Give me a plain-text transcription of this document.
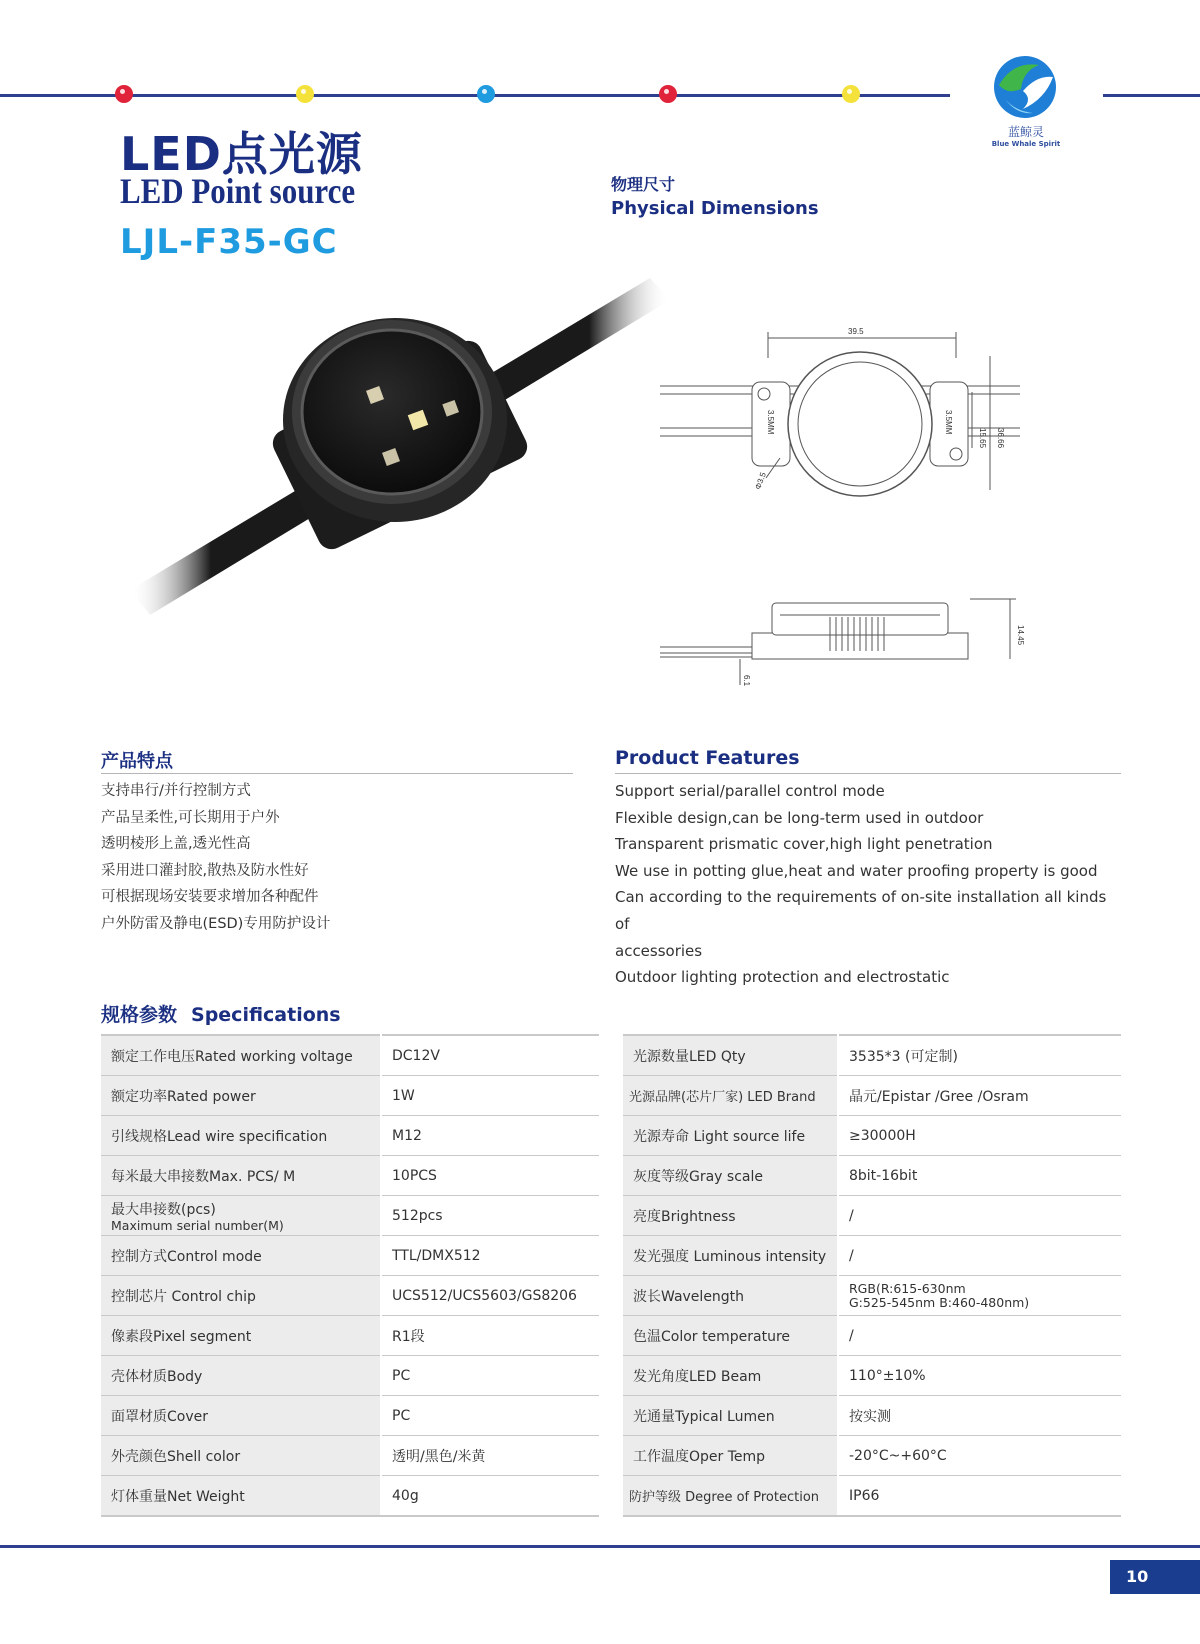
蓝鲸灵
Blue Whale Spirit
LED点光源
LED Point source
LJL-F35-GC
物理尺寸
Physical Dimensions
39.5
15.65 36.66
Φ3.5
3.5MM	3.5MM
14.45
6.1
产品特点
支持串行/并行控制方式
产品呈柔性,可长期用于户外
透明棱形上盖,透光性高
采用进口灌封胶,散热及防水性好
可根据现场安装要求增加各种配件
户外防雷及静电(ESD)专用防护设计
Product Features
Support serial/parallel control mode
Flexible design,can be long-term used in outdoor
Transparent prismatic cover,high light penetration
We use in potting glue,heat and water proofing property is good
Can according to the requirements of on-site installation all kinds of
accessories
Outdoor lighting protection and electrostatic
规格参数 Specifications
额定工作电压Rated working voltage	DC12V
额定功率Rated power	1W
引线规格Lead wire specification	M12
每米最大串接数Max. PCS/ M	10PCS

最大串接数(pcs)
Maximum serial number(M)	512pcs
控制方式Control mode	TTL/DMX512
控制芯片 Control chip	UCS512/UCS5603/GS8206
像素段Pixel segment	R1段
壳体材质Body	PC
面罩材质Cover	PC
外壳颜色Shell color	透明/黑色/米黄
灯体重量Net Weight	40g
光源数量LED Qty	3535*3 (可定制)
光源品牌(芯片厂家) LED Brand	晶元/Epistar /Gree /Osram
光源寿命 Light source life	≥30000H
灰度等级Gray scale	8bit-16bit
亮度Brightness	/
发光强度 Luminous intensity	/
波长Wavelength	RGB(R:615-630nm
G:525-545nm B:460-480nm)

色温Color temperature	/
发光角度LED Beam	110°±10%
光通量Typical Lumen	按实测
工作温度Oper Temp	-20°C~+60°C
防护等级 Degree of Protection	IP66
10
